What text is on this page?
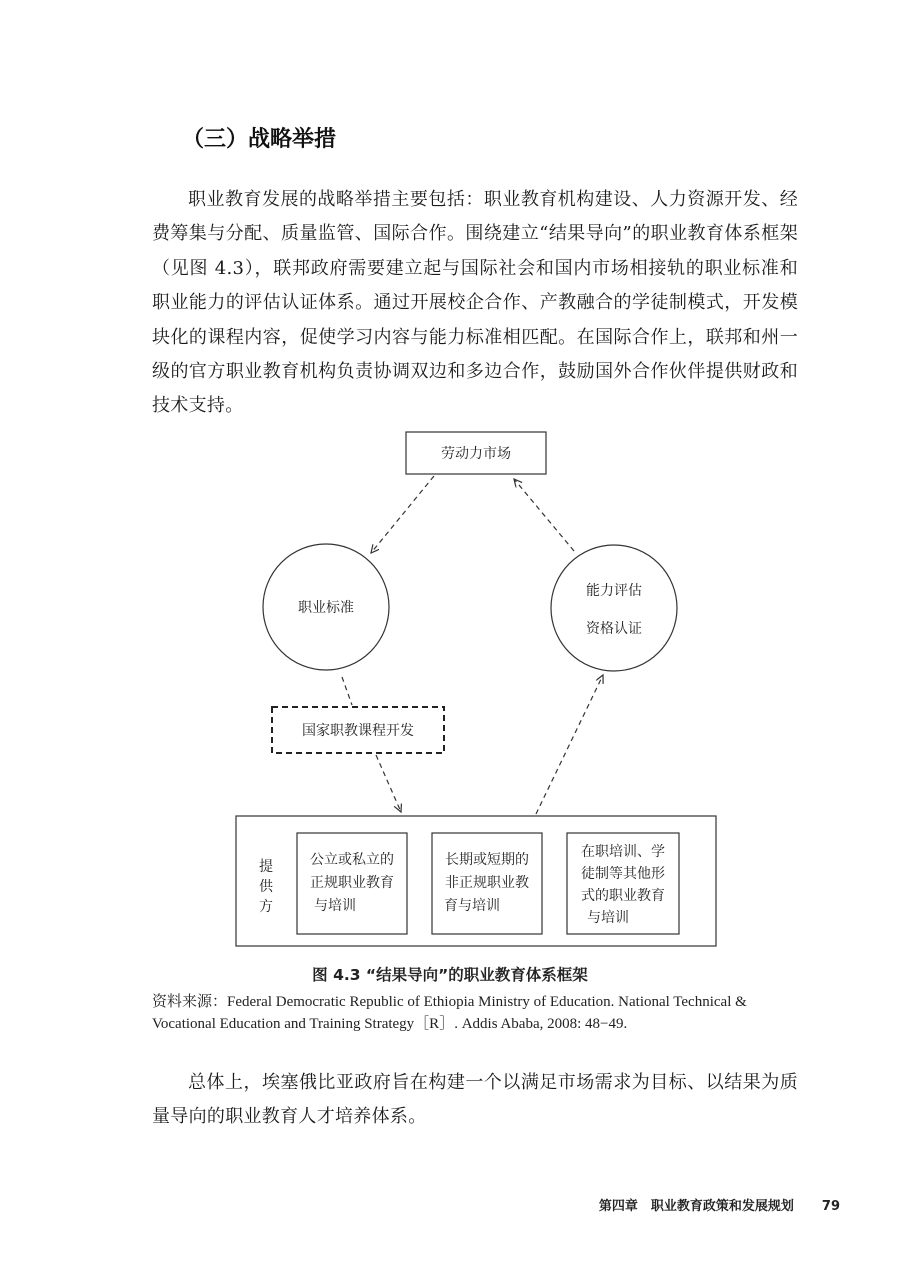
（三）战略举措

职业教育发展的战略举措主要包括：职业教育机构建设、人力资源开发、经费筹集与分配、质量监管、国际合作。围绕建立“结果导向”的职业教育体系框架（见图 4.3），联邦政府需要建立起与国际社会和国内市场相接轨的职业标准和职业能力的评估认证体系。通过开展校企合作、产教融合的学徒制模式，开发模块化的课程内容，促使学习内容与能力标准相匹配。在国际合作上，联邦和州一级的官方职业教育机构负责协调双边和多边合作，鼓励国外合作伙伴提供财政和技术支持。

劳动力市场
职业标准
能力评估
资格认证
国家职教课程开发
提
供
方
公立或私立的
正规职业教育
与培训
长期或短期的
非正规职业教
育与培训
在职培训、学
徒制等其他形
式的职业教育
与培训

图 4.3 “结果导向”的职业教育体系框架

资料来源：Federal Democratic Republic of Ethiopia Ministry of Education. National Technical & Vocational Education and Training Strategy［R］. Addis Ababa, 2008: 48−49.

总体上，埃塞俄比亚政府旨在构建一个以满足市场需求为目标、以结果为质量导向的职业教育人才培养体系。

第四章　职业教育政策和发展规划 79
